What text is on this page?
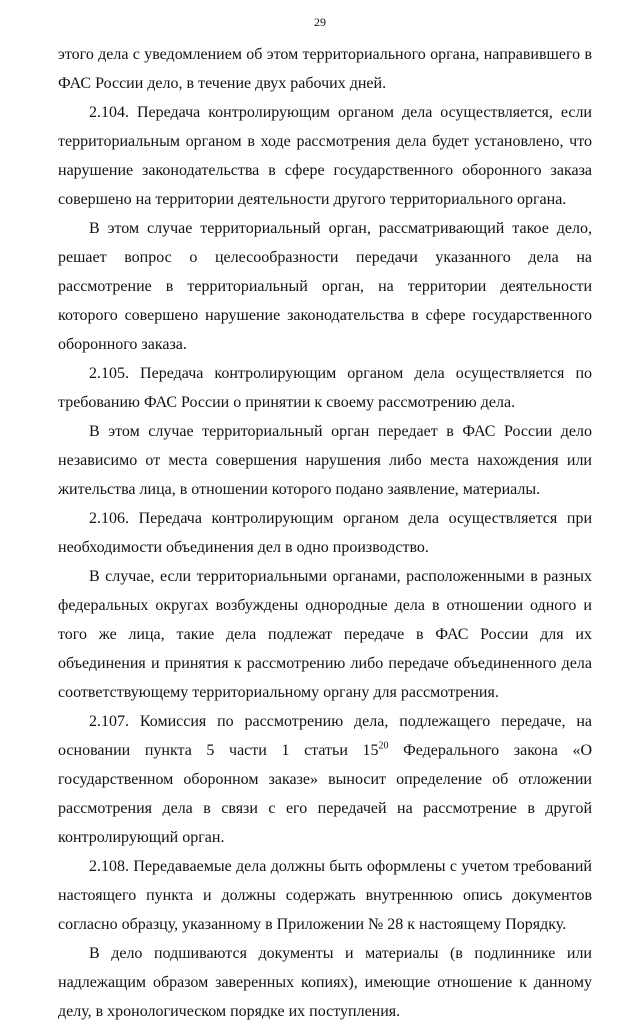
29

этого дела с уведомлением об этом территориального органа, направившего в ФАС России дело, в течение двух рабочих дней.

2.104. Передача контролирующим органом дела осуществляется, если территориальным органом в ходе рассмотрения дела будет установлено, что нарушение законодательства в сфере государственного оборонного заказа совершено на территории деятельности другого территориального органа.

В этом случае территориальный орган, рассматривающий такое дело, решает вопрос о целесообразности передачи указанного дела на рассмотрение в территориальный орган, на территории деятельности которого совершено нарушение законодательства в сфере государственного оборонного заказа.

2.105. Передача контролирующим органом дела осуществляется по требованию ФАС России о принятии к своему рассмотрению дела.

В этом случае территориальный орган передает в ФАС России дело независимо от места совершения нарушения либо места нахождения или жительства лица, в отношении которого подано заявление, материалы.

2.106. Передача контролирующим органом дела осуществляется при необходимости объединения дел в одно производство.

В случае, если территориальными органами, расположенными в разных федеральных округах возбуждены однородные дела в отношении одного и того же лица, такие дела подлежат передаче в ФАС России для их объединения и принятия к рассмотрению либо передаче объединенного дела соответствующему территориальному органу для рассмотрения.

2.107. Комиссия по рассмотрению дела, подлежащего передаче, на основании пункта 5 части 1 статьи $15^{20}$ Федерального закона «О государственном оборонном заказе» выносит определение об отложении рассмотрения дела в связи с его передачей на рассмотрение в другой контролирующий орган.

2.108. Передаваемые дела должны быть оформлены с учетом требований настоящего пункта и должны содержать внутреннюю опись документов согласно образцу, указанному в Приложении № 28 к настоящему Порядку.

В дело подшиваются документы и материалы (в подлиннике или надлежащим образом заверенных копиях), имеющие отношение к данному делу, в хронологическом порядке их поступления.
